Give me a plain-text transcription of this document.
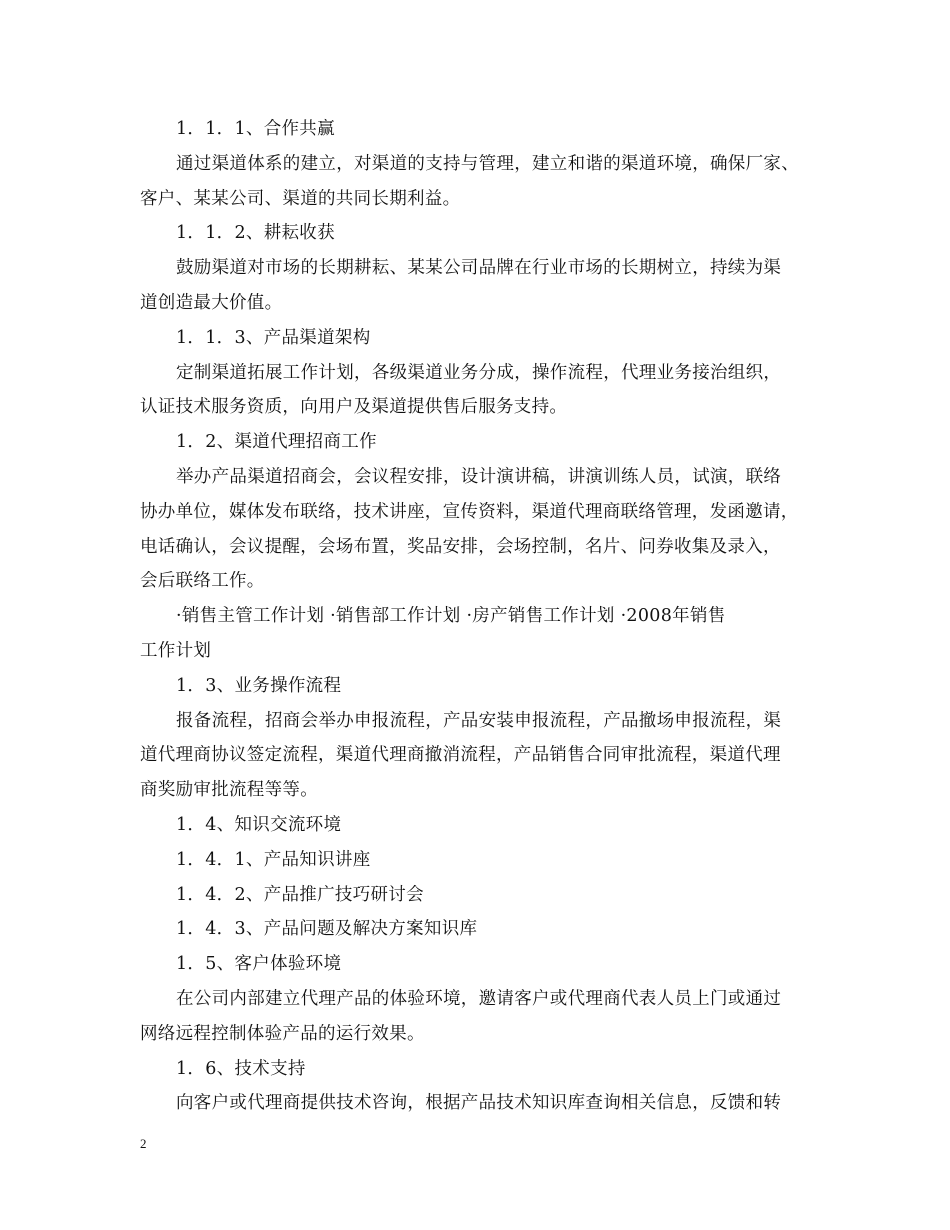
1．1．1、合作共赢
通过渠道体系的建立，对渠道的支持与管理，建立和谐的渠道环境，确保厂家、
客户、某某公司、渠道的共同长期利益。
1．1．2、耕耘收获
鼓励渠道对市场的长期耕耘、某某公司品牌在行业市场的长期树立，持续为渠
道创造最大价值。
1．1．3、产品渠道架构
定制渠道拓展工作计划，各级渠道业务分成，操作流程，代理业务接治组织，
认证技术服务资质，向用户及渠道提供售后服务支持。
1．2、渠道代理招商工作
举办产品渠道招商会，会议程安排，设计演讲稿，讲演训练人员，试演，联络
协办单位，媒体发布联络，技术讲座，宣传资料，渠道代理商联络管理，发函邀请，
电话确认，会议提醒，会场布置，奖品安排，会场控制，名片、问券收集及录入，
会后联络工作。
·销售主管工作计划 ·销售部工作计划 ·房产销售工作计划 ·2008年销售
工作计划
1．3、业务操作流程
报备流程，招商会举办申报流程，产品安装申报流程，产品撤场申报流程，渠
道代理商协议签定流程，渠道代理商撤消流程，产品销售合同审批流程，渠道代理
商奖励审批流程等等。
1．4、知识交流环境
1．4．1、产品知识讲座
1．4．2、产品推广技巧研讨会
1．4．3、产品问题及解决方案知识库
1．5、客户体验环境
在公司内部建立代理产品的体验环境，邀请客户或代理商代表人员上门或通过
网络远程控制体验产品的运行效果。
1．6、技术支持
向客户或代理商提供技术咨询，根据产品技术知识库查询相关信息，反馈和转
2
